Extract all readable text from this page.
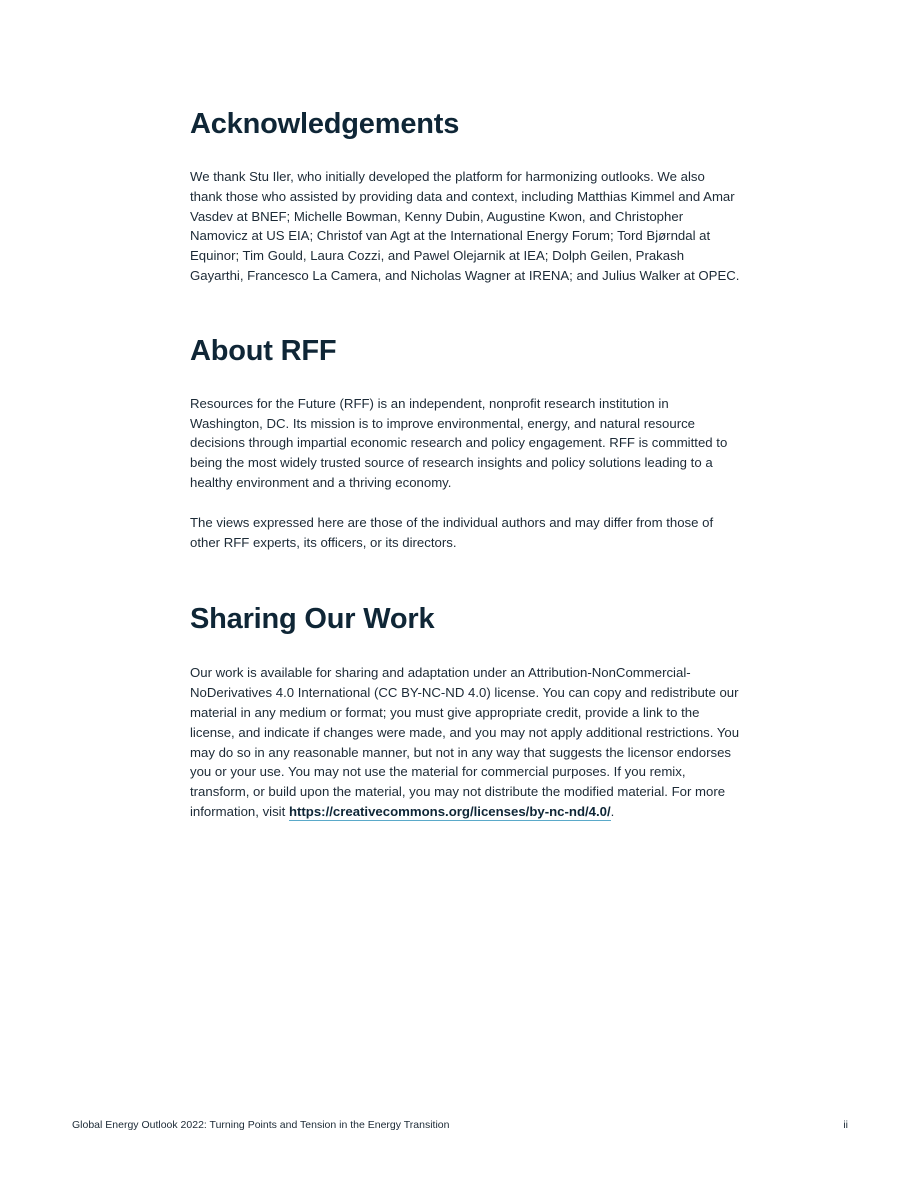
Acknowledgements

We thank Stu Iler, who initially developed the platform for harmonizing outlooks. We also thank those who assisted by providing data and context, including Matthias Kimmel and Amar Vasdev at BNEF; Michelle Bowman, Kenny Dubin, Augustine Kwon, and Christopher Namovicz at US EIA; Christof van Agt at the International Energy Forum; Tord Bjørndal at Equinor; Tim Gould, Laura Cozzi, and Pawel Olejarnik at IEA; Dolph Geilen, Prakash Gayarthi, Francesco La Camera, and Nicholas Wagner at IRENA; and Julius Walker at OPEC.

About RFF

Resources for the Future (RFF) is an independent, nonprofit research institution in Washington, DC. Its mission is to improve environmental, energy, and natural resource decisions through impartial economic research and policy engagement. RFF is committed to being the most widely trusted source of research insights and policy solutions leading to a healthy environment and a thriving economy.

The views expressed here are those of the individual authors and may differ from those of other RFF experts, its officers, or its directors.

Sharing Our Work

Our work is available for sharing and adaptation under an Attribution-NonCommercial-NoDerivatives 4.0 International (CC BY-NC-ND 4.0) license. You can copy and redistribute our material in any medium or format; you must give appropriate credit, provide a link to the license, and indicate if changes were made, and you may not apply additional restrictions. You may do so in any reasonable manner, but not in any way that suggests the licensor endorses you or your use. You may not use the material for commercial purposes. If you remix, transform, or build upon the material, you may not distribute the modified material. For more information, visit https://creativecommons.org/licenses/by-nc-nd/4.0/.

Global Energy Outlook 2022: Turning Points and Tension in the Energy Transition	ii
